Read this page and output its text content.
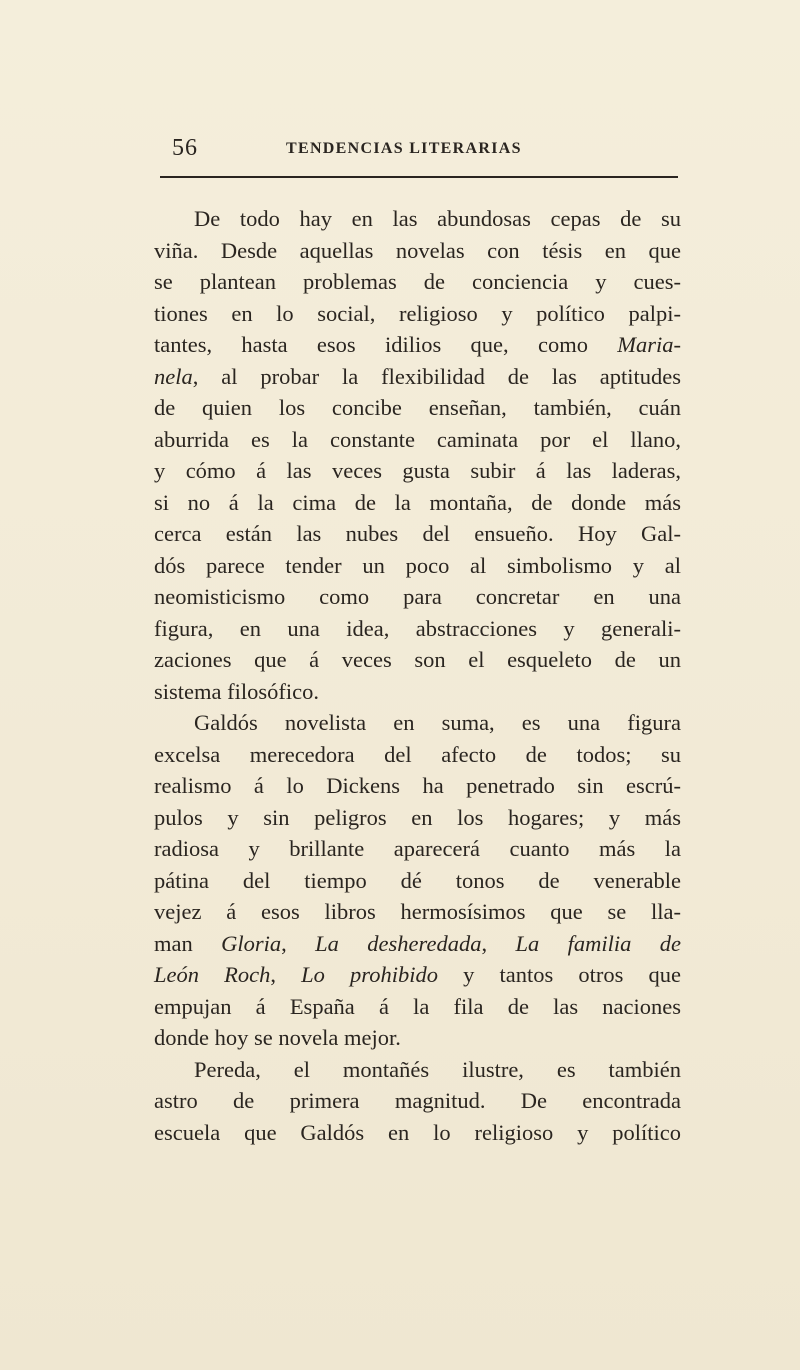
56	TENDENCIAS LITERARIAS
De todo hay en las abundosas cepas de su
viña. Desde aquellas novelas con tésis en que
se plantean problemas de conciencia y cues-
tiones en lo social, religioso y político palpi-
tantes, hasta esos idilios que, como Maria-
nela, al probar la flexibilidad de las aptitudes
de quien los concibe enseñan, también, cuán
aburrida es la constante caminata por el llano,
y cómo á las veces gusta subir á las laderas,
si no á la cima de la montaña, de donde más
cerca están las nubes del ensueño. Hoy Gal-
dós parece tender un poco al simbolismo y al
neomisticismo como para concretar en una
figura, en una idea, abstracciones y generali-
zaciones que á veces son el esqueleto de un
sistema filosófico.
Galdós novelista en suma, es una figura
excelsa merecedora del afecto de todos; su
realismo á lo Dickens ha penetrado sin escrú-
pulos y sin peligros en los hogares; y más
radiosa y brillante aparecerá cuanto más la
pátina del tiempo dé tonos de venerable
vejez á esos libros hermosísimos que se lla-
man Gloria, La desheredada, La familia de
León Roch, Lo prohibido y tantos otros que
empujan á España á la fila de las naciones
donde hoy se novela mejor.
Pereda, el montañés ilustre, es también
astro de primera magnitud. De encontrada
escuela que Galdós en lo religioso y político
